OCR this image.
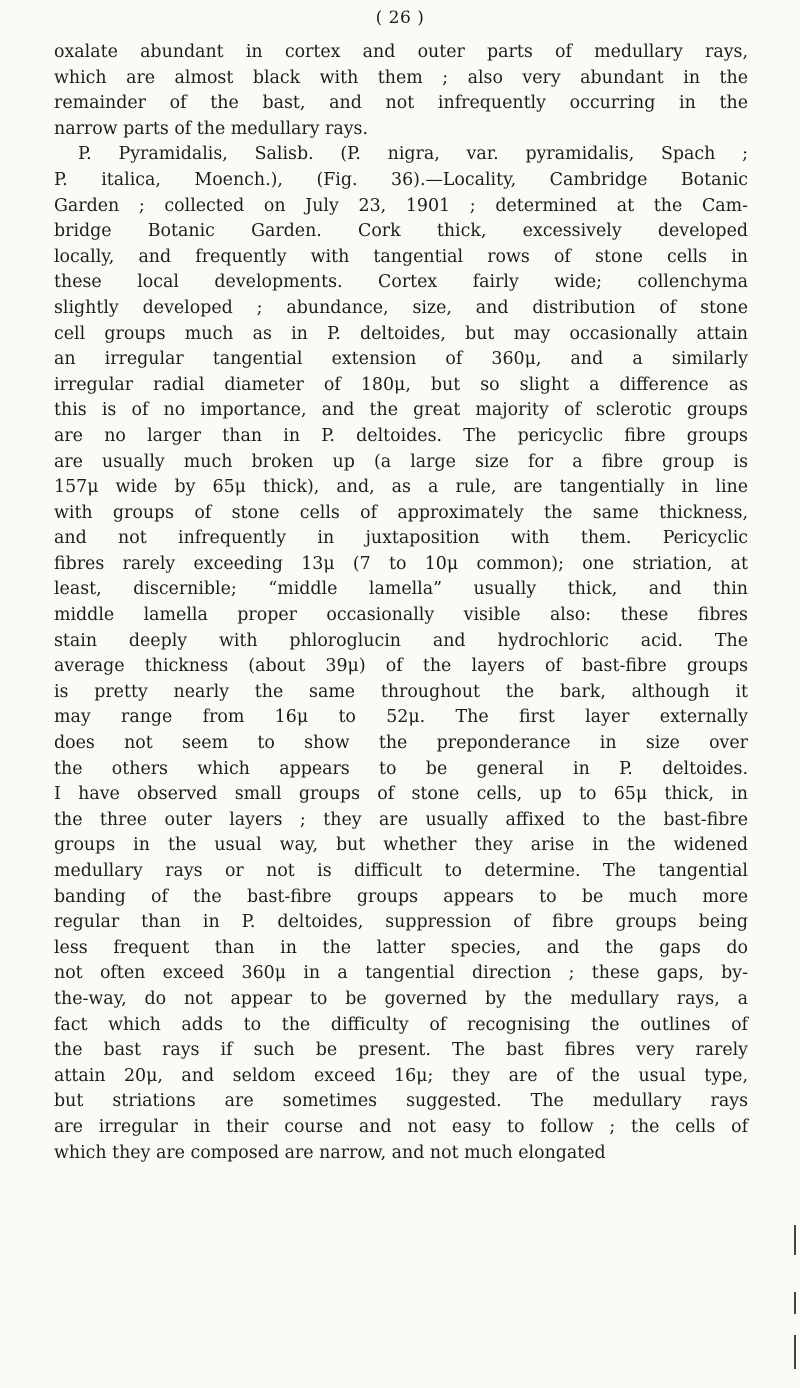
( 26 )
oxalate abundant in cortex and outer parts of medullary rays,
which are almost black with them ; also very abundant in the
remainder of the bast, and not infrequently occurring in the
narrow parts of the medullary rays.
P. Pyramidalis, Salisb. (P. nigra, var. pyramidalis, Spach ;
P. italica, Moench.), (Fig. 36).—Locality, Cambridge Botanic
Garden ; collected on July 23, 1901 ; determined at the Cam-
bridge Botanic Garden. Cork thick, excessively developed
locally, and frequently with tangential rows of stone cells in
these local developments. Cortex fairly wide; collenchyma
slightly developed ; abundance, size, and distribution of stone
cell groups much as in P. deltoides, but may occasionally attain
an irregular tangential extension of 360μ, and a similarly
irregular radial diameter of 180μ, but so slight a difference as
this is of no importance, and the great majority of sclerotic groups
are no larger than in P. deltoides. The pericyclic fibre groups
are usually much broken up (a large size for a fibre group is
157μ wide by 65μ thick), and, as a rule, are tangentially in line
with groups of stone cells of approximately the same thickness,
and not infrequently in juxtaposition with them. Pericyclic
fibres rarely exceeding 13μ (7 to 10μ common); one striation, at
least, discernible; “middle lamella” usually thick, and thin
middle lamella proper occasionally visible also: these fibres
stain deeply with phloroglucin and hydrochloric acid. The
average thickness (about 39μ) of the layers of bast-fibre groups
is pretty nearly the same throughout the bark, although it
may range from 16μ to 52μ. The first layer externally
does not seem to show the preponderance in size over
the others which appears to be general in P. deltoides.
I have observed small groups of stone cells, up to 65μ thick, in
the three outer layers ; they are usually affixed to the bast-fibre
groups in the usual way, but whether they arise in the widened
medullary rays or not is difficult to determine. The tangential
banding of the bast-fibre groups appears to be much more
regular than in P. deltoides, suppression of fibre groups being
less frequent than in the latter species, and the gaps do
not often exceed 360μ in a tangential direction ; these gaps, by-
the-way, do not appear to be governed by the medullary rays, a
fact which adds to the difficulty of recognising the outlines of
the bast rays if such be present. The bast fibres very rarely
attain 20μ, and seldom exceed 16μ; they are of the usual type,
but striations are sometimes suggested. The medullary rays
are irregular in their course and not easy to follow ; the cells of
which they are composed are narrow, and not much elongated
